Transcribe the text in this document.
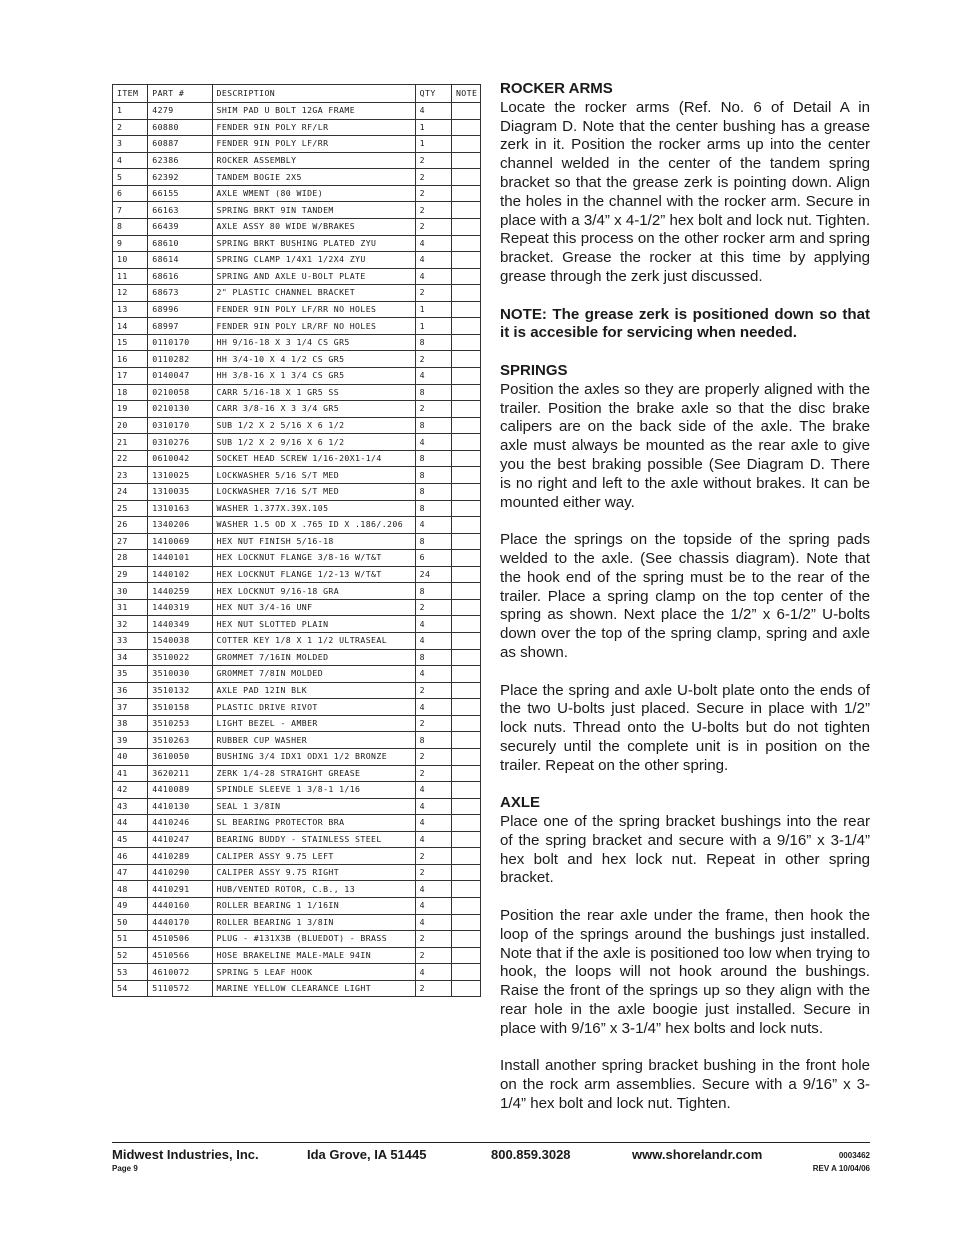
ITEM	PART #	DESCRIPTION	QTY	NOTE
1	4279	SHIM PAD U BOLT 12GA FRAME	4	
2	60880	FENDER 9IN POLY RF/LR	1	
3	60887	FENDER 9IN POLY LF/RR	1	
4	62386	ROCKER ASSEMBLY	2	
5	62392	TANDEM BOGIE 2X5	2	
6	66155	AXLE WMENT (80 WIDE)	2	
7	66163	SPRING BRKT 9IN TANDEM	2	
8	66439	AXLE ASSY 80 WIDE W/BRAKES	2	
9	68610	SPRING BRKT BUSHING PLATED ZYU	4	
10	68614	SPRING CLAMP 1/4X1 1/2X4 ZYU	4	
11	68616	SPRING AND AXLE U-BOLT PLATE	4	
12	68673	2" PLASTIC CHANNEL BRACKET	2	
13	68996	FENDER 9IN POLY LF/RR NO HOLES	1	
14	68997	FENDER 9IN POLY LR/RF NO HOLES	1	
15	0110170	HH 9/16-18 X 3 1/4 CS GR5	8	
16	0110282	HH 3/4-10 X 4 1/2 CS GR5	2	
17	0140047	HH 3/8-16 X 1 3/4 CS GR5	4	
18	0210058	CARR 5/16-18 X 1 GR5 SS	8	
19	0210130	CARR 3/8-16 X 3 3/4 GR5	2	
20	0310170	SUB 1/2 X 2 5/16 X 6 1/2	8	
21	0310276	SUB 1/2 X 2 9/16 X 6 1/2	4	
22	0610042	SOCKET HEAD SCREW 1/16-20X1-1/4	8	
23	1310025	LOCKWASHER 5/16 S/T MED	8	
24	1310035	LOCKWASHER 7/16 S/T MED	8	
25	1310163	WASHER 1.377X.39X.105	8	
26	1340206	WASHER 1.5 OD X .765 ID X .186/.206	4	
27	1410069	HEX NUT FINISH 5/16-18	8	
28	1440101	HEX LOCKNUT FLANGE 3/8-16 W/T&T	6	
29	1440102	HEX LOCKNUT FLANGE 1/2-13 W/T&T	24	
30	1440259	HEX LOCKNUT 9/16-18 GRA	8	
31	1440319	HEX NUT 3/4-16 UNF	2	
32	1440349	HEX NUT SLOTTED PLAIN	4	
33	1540038	COTTER KEY 1/8 X 1 1/2 ULTRASEAL	4	
34	3510022	GROMMET 7/16IN MOLDED	8	
35	3510030	GROMMET 7/8IN MOLDED	4	
36	3510132	AXLE PAD 12IN BLK	2	
37	3510158	PLASTIC DRIVE RIVOT	4	
38	3510253	LIGHT BEZEL - AMBER	2	
39	3510263	RUBBER CUP WASHER	8	
40	3610050	BUSHING 3/4 IDX1 ODX1 1/2 BRONZE	2	
41	3620211	ZERK 1/4-28 STRAIGHT GREASE	2	
42	4410089	SPINDLE SLEEVE 1 3/8-1 1/16	4	
43	4410130	SEAL 1 3/8IN	4	
44	4410246	SL BEARING PROTECTOR BRA	4	
45	4410247	BEARING BUDDY - STAINLESS STEEL	4	
46	4410289	CALIPER ASSY 9.75 LEFT	2	
47	4410290	CALIPER ASSY 9.75 RIGHT	2	
48	4410291	HUB/VENTED ROTOR, C.B., 13	4	
49	4440160	ROLLER BEARING 1 1/16IN	4	
50	4440170	ROLLER BEARING 1 3/8IN	4	
51	4510506	PLUG - #131X3B (BLUEDOT) - BRASS	2	
52	4510566	HOSE BRAKELINE MALE-MALE 94IN	2	
53	4610072	SPRING 5 LEAF HOOK	4	
54	5110572	MARINE YELLOW CLEARANCE LIGHT	2	
ROCKER ARMS

Locate the rocker arms (Ref. No. 6 of Detail A in Diagram D. Note that the center bushing has a grease zerk in it. Position the rocker arms up into the center channel welded in the center of the tandem spring bracket so that the grease zerk is pointing down. Align the holes in the channel with the rocker arm. Secure in place with a 3/4” x 4-1/2” hex bolt and lock nut. Tighten. Repeat this process on the other rocker arm and spring bracket. Grease the rocker at this time by applying grease through the zerk just discussed.

NOTE: The grease zerk is positioned down so that it is accesible for servicing when needed.

SPRINGS

Position the axles so they are properly aligned with the trailer. Position the brake axle so that the disc brake calipers are on the back side of the axle. The brake axle must always be mounted as the rear axle to give you the best braking possible (See Diagram D. There is no right and left to the axle without brakes. It can be mounted either way.

Place the springs on the topside of the spring pads welded to the axle. (See chassis diagram). Note that the hook end of the spring must be to the rear of the trailer. Place a spring clamp on the top center of the spring as shown. Next place the 1/2” x 6-1/2” U-bolts down over the top of the spring clamp, spring and axle as shown.

Place the spring and axle U-bolt plate onto the ends of the two U-bolts just placed. Secure in place with 1/2” lock nuts. Thread onto the U-bolts but do not tighten securely until the complete unit is in position on the trailer. Repeat on the other spring.

AXLE

Place one of the spring bracket bushings into the rear of the spring bracket and secure with a 9/16” x 3-1/4” hex bolt and hex lock nut. Repeat in other spring bracket.

Position the rear axle under the frame, then hook the loop of the springs around the bushings just installed. Note that if the axle is positioned too low when trying to hook, the loops will not hook around the bushings. Raise the front of the springs up so they align with the rear hole in the axle boogie just installed. Secure in place with 9/16” x 3-1/4” hex bolts and lock nuts.

Install another spring bracket bushing in the front hole on the rock arm assemblies. Secure with a 9/16” x 3-1/4” hex bolt and lock nut. Tighten.

Midwest Industries, Inc.
Page 9
Ida Grove, IA 51445	800.859.3028	www.shorelandr.com	0003462
REV A 10/04/06
